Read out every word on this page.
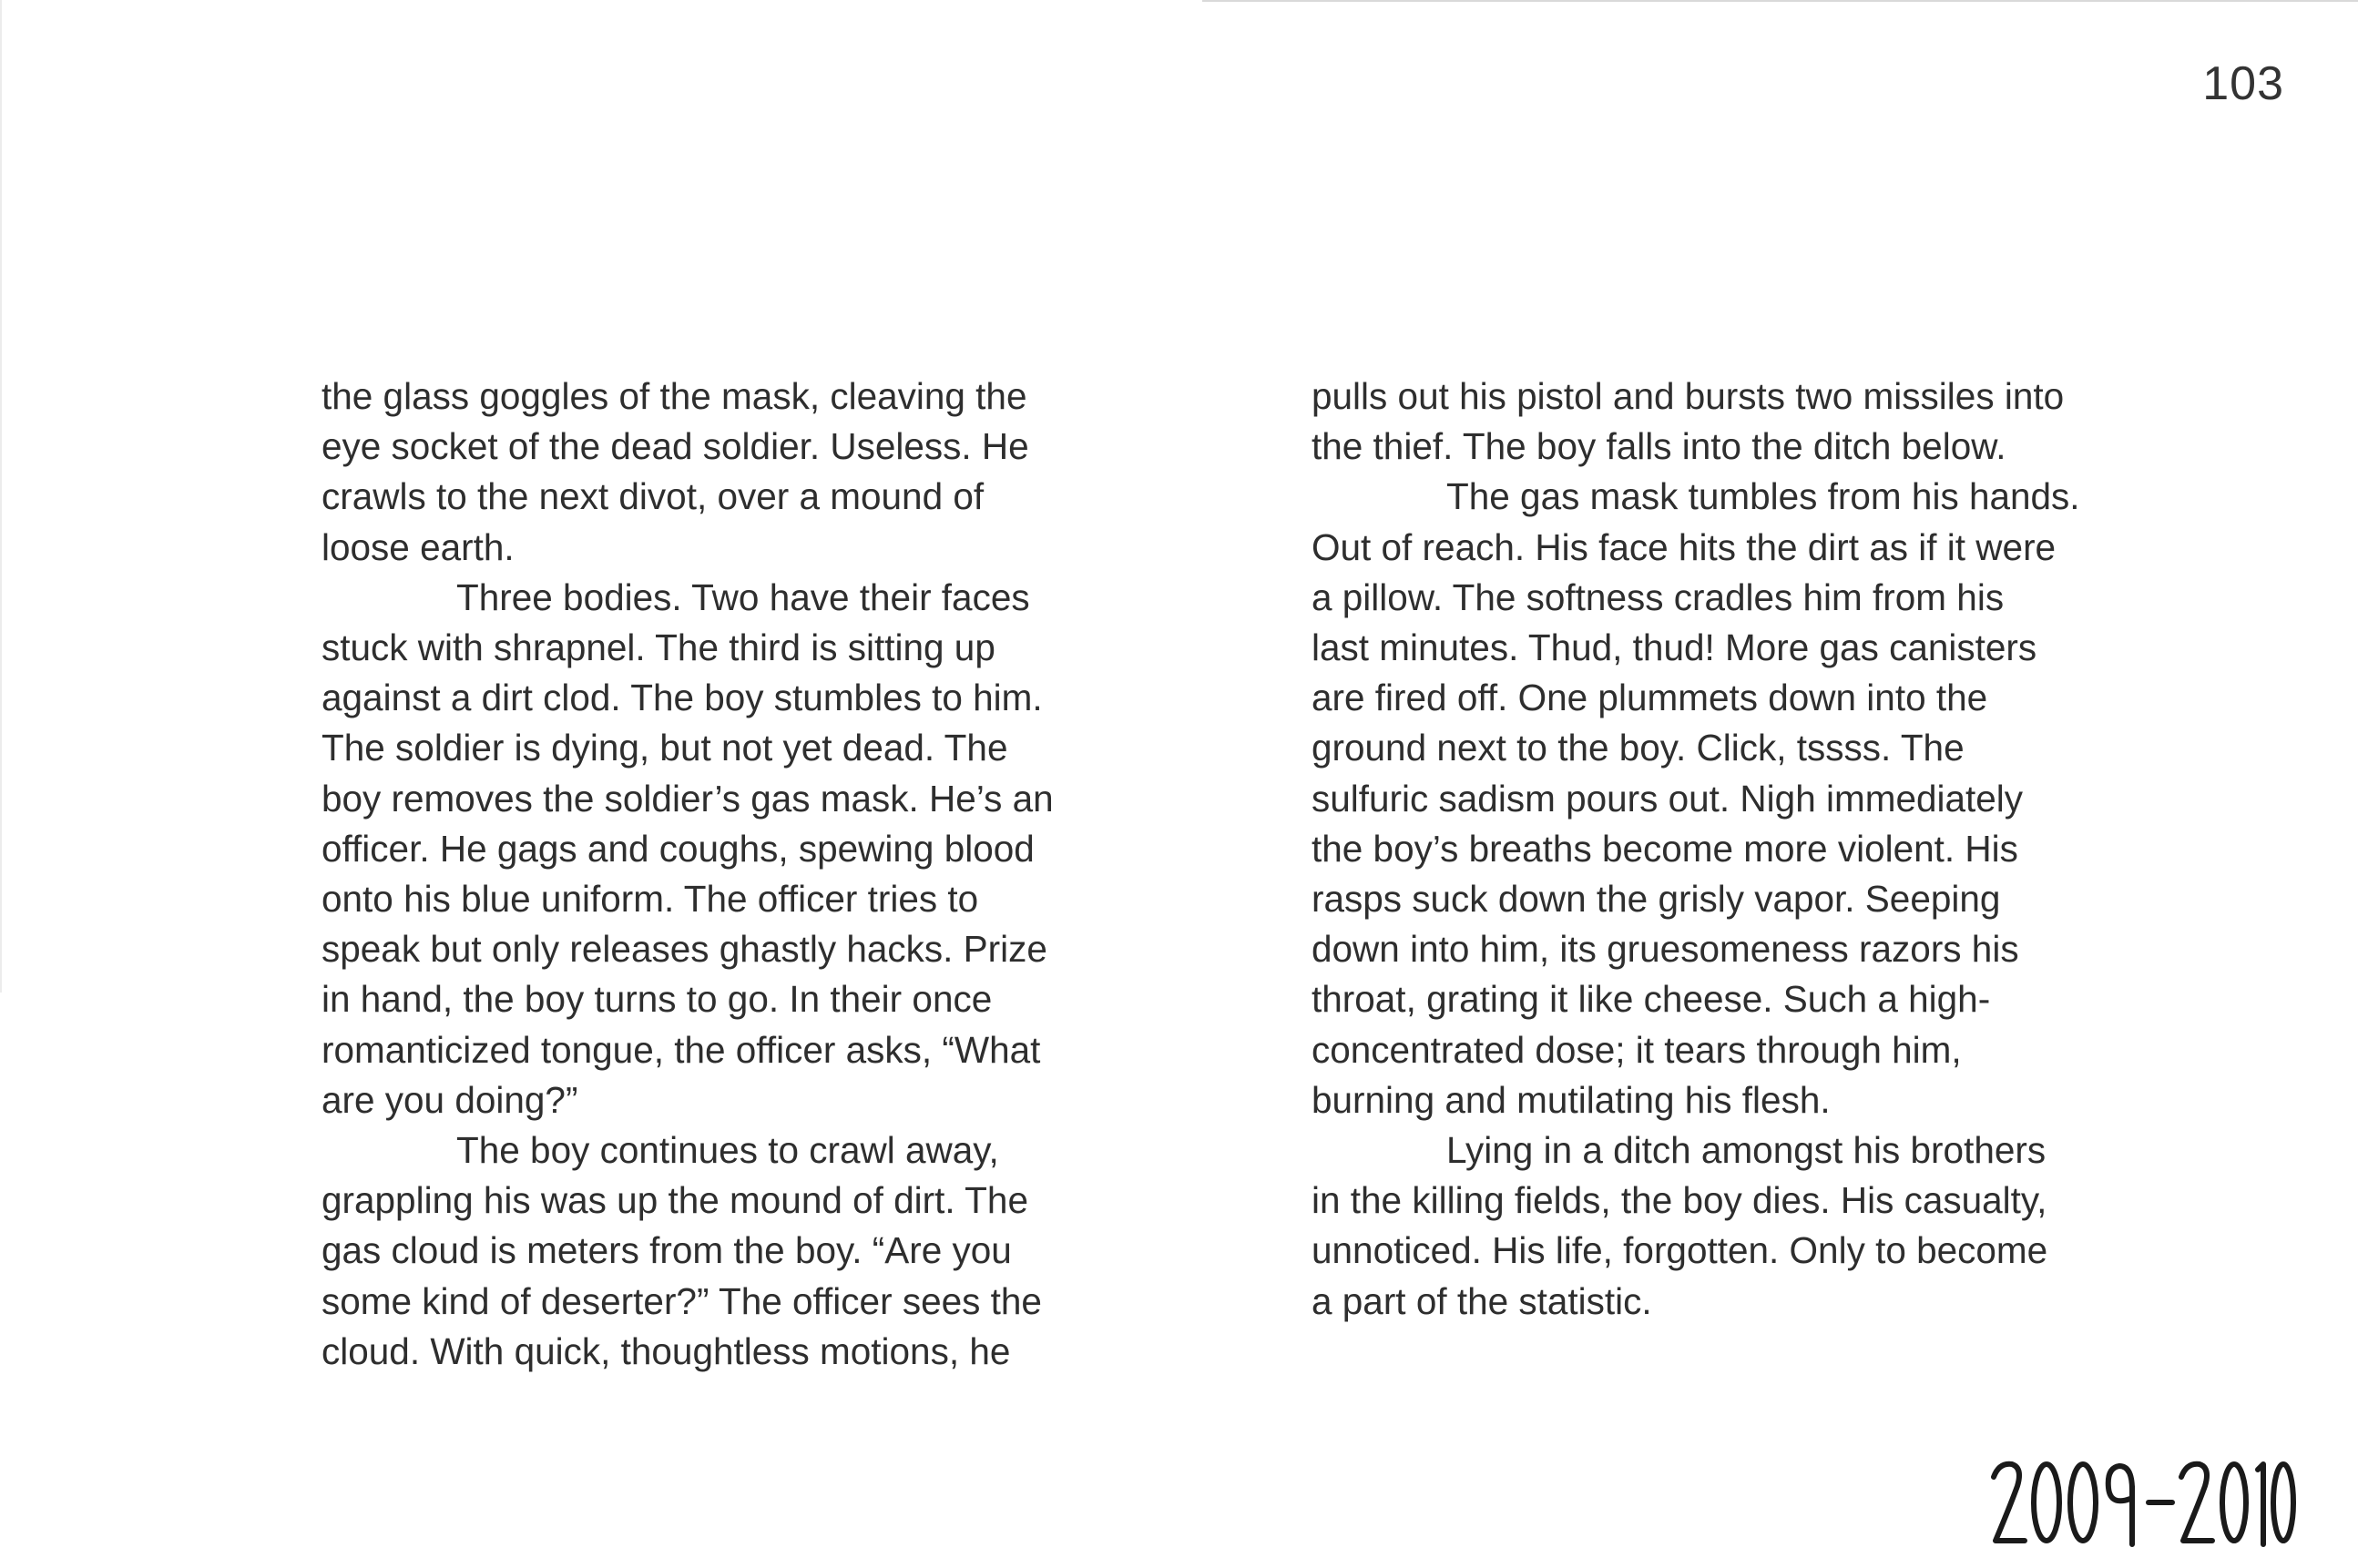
103
the glass goggles of the mask, cleaving the
eye socket of the dead soldier. Useless. He
crawls to the next divot, over a mound of
loose earth.
Three bodies. Two have their faces
stuck with shrapnel. The third is sitting up
against a dirt clod. The boy stumbles to him.
The soldier is dying, but not yet dead. The
boy removes the soldier’s gas mask. He’s an
officer. He gags and coughs, spewing blood
onto his blue uniform. The officer tries to
speak but only releases ghastly hacks. Prize
in hand, the boy turns to go. In their once
romanticized tongue, the officer asks, “What
are you doing?”
The boy continues to crawl away,
grappling his was up the mound of dirt. The
gas cloud is meters from the boy. “Are you
some kind of deserter?” The officer sees the
cloud. With quick, thoughtless motions, he
pulls out his pistol and bursts two missiles into
the thief. The boy falls into the ditch below.
The gas mask tumbles from his hands.
Out of reach. His face hits the dirt as if it were
a pillow. The softness cradles him from his
last minutes. Thud, thud! More gas canisters
are fired off. One plummets down into the
ground next to the boy. Click, tssss. The
sulfuric sadism pours out. Nigh immediately
the boy’s breaths become more violent. His
rasps suck down the grisly vapor. Seeping
down into him, its gruesomeness razors his
throat, grating it like cheese. Such a high-
concentrated dose; it tears through him,
burning and mutilating his flesh.
Lying in a ditch amongst his brothers
in the killing fields, the boy dies. His casualty,
unnoticed. His life, forgotten. Only to become
a part of the statistic.
